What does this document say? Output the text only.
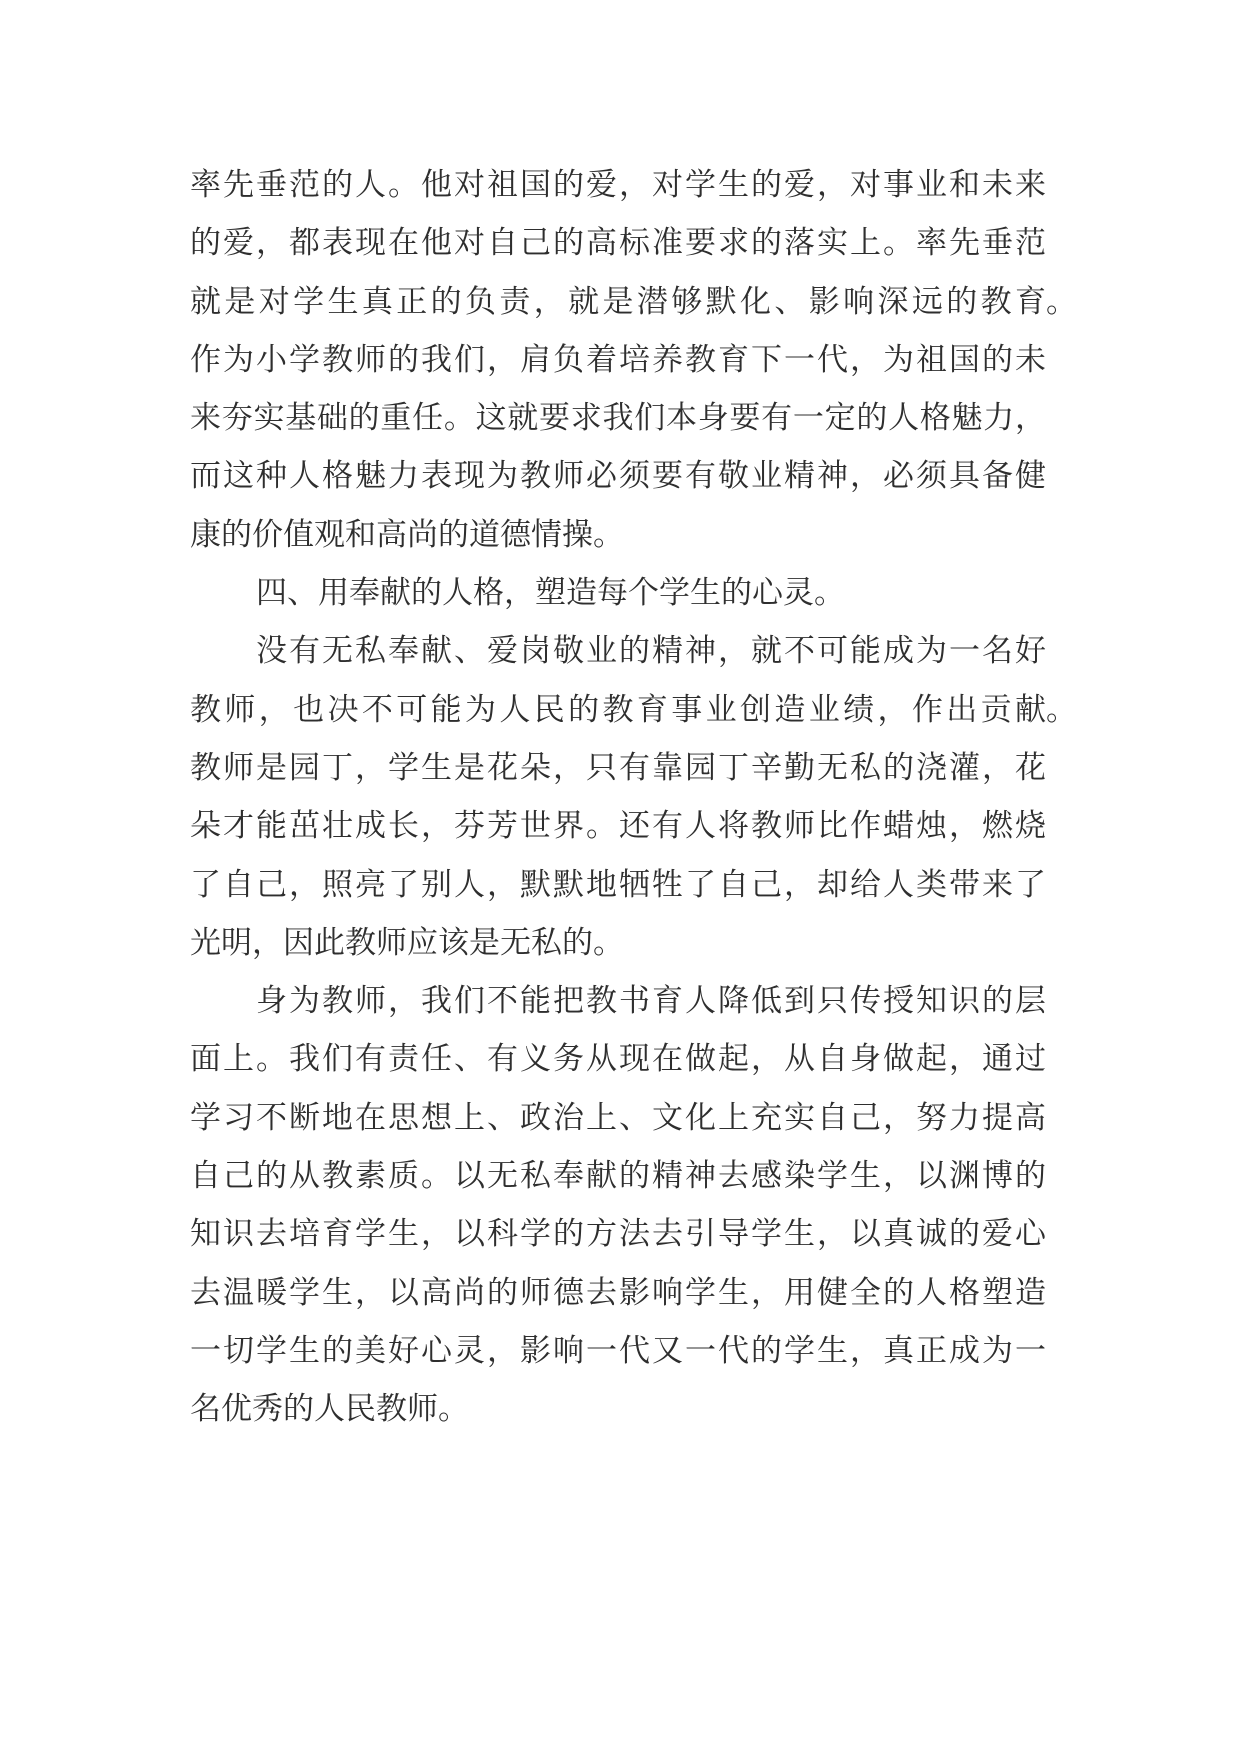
率先垂范的人。他对祖国的爱，对学生的爱，对事业和未来
的爱，都表现在他对自己的高标准要求的落实上。率先垂范
就是对学生真正的负责，就是潜够默化、影响深远的教育 。
作为小学教师的我们，肩负着培养教育下一代，为祖国的未
来夯实基础的重任。这就要求我们本身要有一定的人格魅力，
而这种人格魅力表现为教师必须要有敬业精神，必须具备健
康的价值观和高尚的道德情操。
四、用奉献的人格，塑造每个学生的心灵。
没有无私奉献、爱岗敬业的精神，就不可能成为一名好
教师，也决不可能为人民的教育事业创造业绩，作出贡献 。
教师是园丁，学生是花朵，只有靠园丁辛勤无私的浇灌，花
朵才能茁壮成长，芬芳世界。还有人将教师比作蜡烛，燃烧
了自己，照亮了别人，默默地牺牲了自己，却给人类带来了
光明，因此教师应该是无私的。
身为教师，我们不能把教书育人降低到只传授知识的层
面上。我们有责任、有义务从现在做起，从自身做起，通过
学习不断地在思想上、政治上、文化上充实自己，努力提高
自己的从教素质。以无私奉献的精神去感染学生，以渊博的
知识去培育学生，以科学的方法去引导学生，以真诚的爱心
去温暖学生，以高尚的师德去影响学生，用健全的人格塑造
一切学生的美好心灵，影响一代又一代的学生，真正成为一
名优秀的人民教师。
